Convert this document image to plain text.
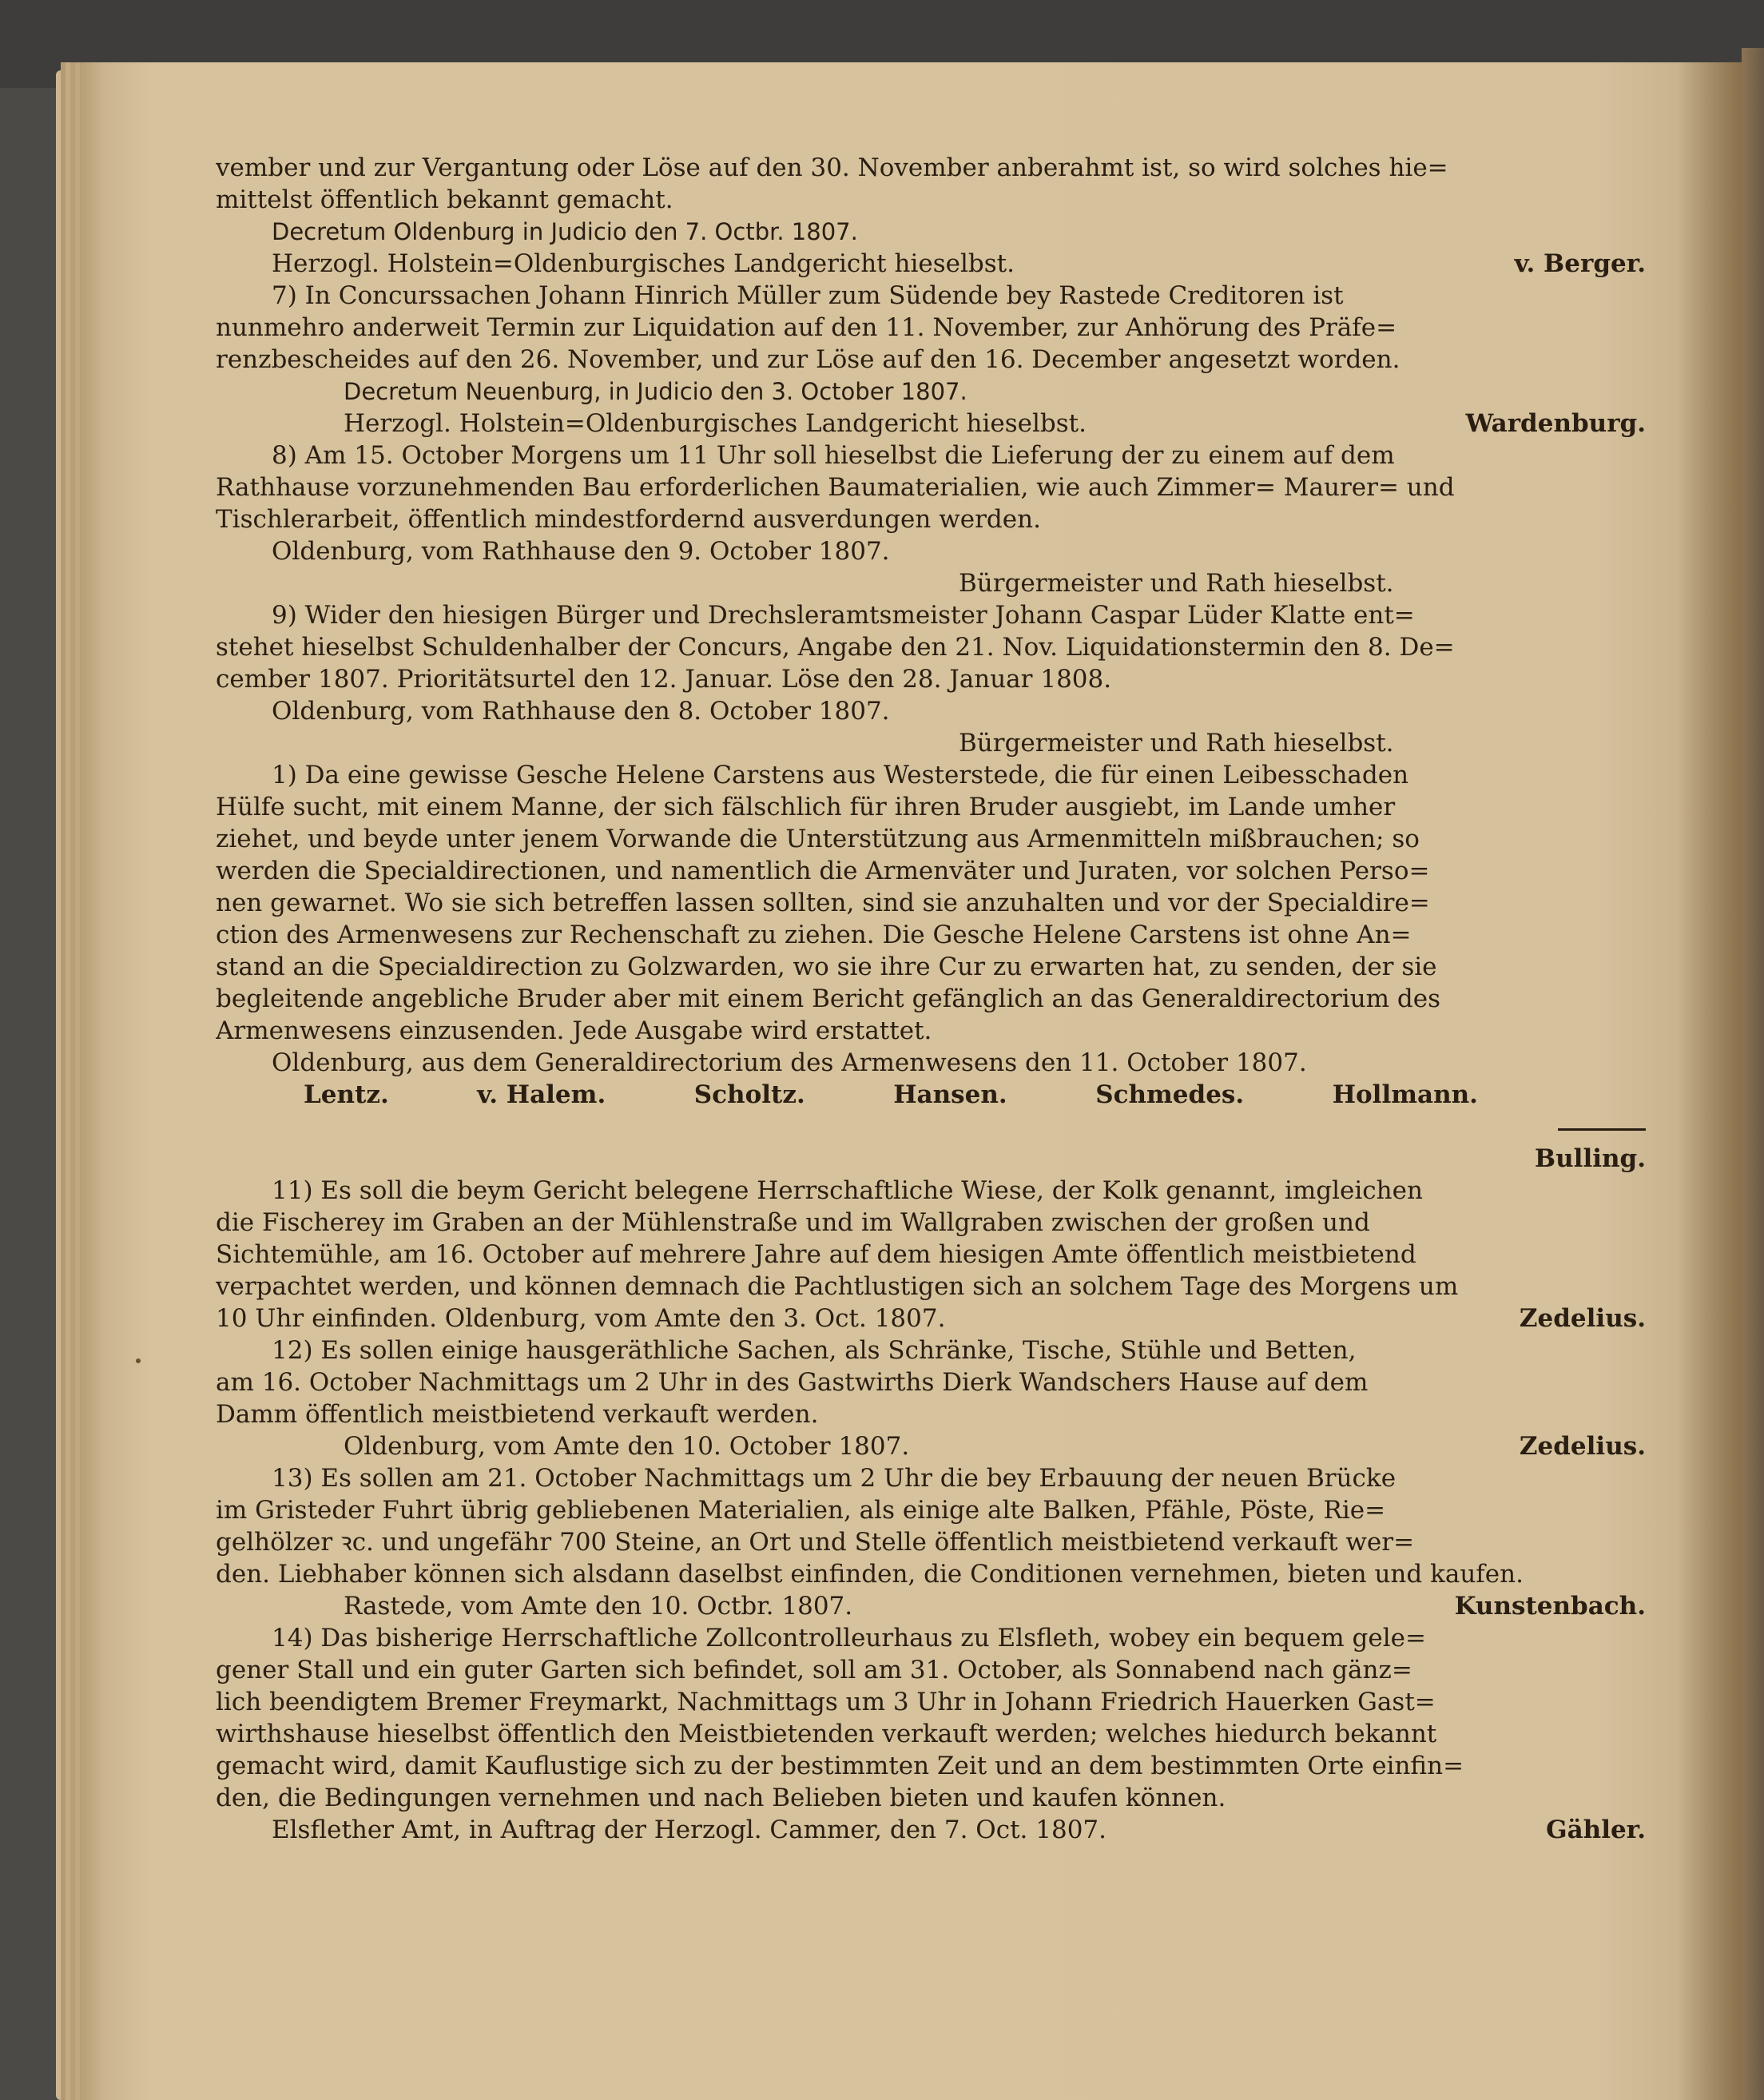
vember und zur Vergantung oder Löse auf den 30. November anberahmt ist, so wird solches hie=
mittelst öffentlich bekannt gemacht.
Decretum Oldenburg in Judicio den 7. Octbr. 1807.
Herzogl. Holstein=Oldenburgisches Landgericht hieselbst.	v. Berger.
7) In Concurssachen Johann Hinrich Müller zum Südende bey Rastede Creditoren ist
nunmehro anderweit Termin zur Liquidation auf den 11. November, zur Anhörung des Präfe=
renzbescheides auf den 26. November, und zur Löse auf den 16. December angesetzt worden.
Decretum Neuenburg, in Judicio den 3. October 1807.
Herzogl. Holstein=Oldenburgisches Landgericht hieselbst.	Wardenburg.
8) Am 15. October Morgens um 11 Uhr soll hieselbst die Lieferung der zu einem auf dem
Rathhause vorzunehmenden Bau erforderlichen Baumaterialien, wie auch Zimmer= Maurer= und
Tischlerarbeit, öffentlich mindestfordernd ausverdungen werden.
Oldenburg, vom Rathhause den 9. October 1807.
Bürgermeister und Rath hieselbst.
9) Wider den hiesigen Bürger und Drechsleramtsmeister Johann Caspar Lüder Klatte ent=
stehet hieselbst Schuldenhalber der Concurs, Angabe den 21. Nov. Liquidationstermin den 8. De=
cember 1807. Prioritätsurtel den 12. Januar. Löse den 28. Januar 1808.
Oldenburg, vom Rathhause den 8. October 1807.
Bürgermeister und Rath hieselbst.
1) Da eine gewisse Gesche Helene Carstens aus Westerstede, die für einen Leibesschaden
Hülfe sucht, mit einem Manne, der sich fälschlich für ihren Bruder ausgiebt, im Lande umher
ziehet, und beyde unter jenem Vorwande die Unterstützung aus Armenmitteln mißbrauchen; so
werden die Specialdirectionen, und namentlich die Armenväter und Juraten, vor solchen Perso=
nen gewarnet. Wo sie sich betreffen lassen sollten, sind sie anzuhalten und vor der Specialdire=
ction des Armenwesens zur Rechenschaft zu ziehen. Die Gesche Helene Carstens ist ohne An=
stand an die Specialdirection zu Golzwarden, wo sie ihre Cur zu erwarten hat, zu senden, der sie
begleitende angebliche Bruder aber mit einem Bericht gefänglich an das Generaldirectorium des
Armenwesens einzusenden. Jede Ausgabe wird erstattet.
Oldenburg, aus dem Generaldirectorium des Armenwesens den 11. October 1807.
Lentz.	v. Halem.	Scholtz.	Hansen.	Schmedes.	Hollmann.

Bulling.
11) Es soll die beym Gericht belegene Herrschaftliche Wiese, der Kolk genannt, imgleichen
die Fischerey im Graben an der Mühlenstraße und im Wallgraben zwischen der großen und
Sichtemühle, am 16. October auf mehrere Jahre auf dem hiesigen Amte öffentlich meistbietend
verpachtet werden, und können demnach die Pachtlustigen sich an solchem Tage des Morgens um
10 Uhr einfinden. Oldenburg, vom Amte den 3. Oct. 1807.	Zedelius.
12) Es sollen einige hausgeräthliche Sachen, als Schränke, Tische, Stühle und Betten,
am 16. October Nachmittags um 2 Uhr in des Gastwirths Dierk Wandschers Hause auf dem
Damm öffentlich meistbietend verkauft werden.
Oldenburg, vom Amte den 10. October 1807.	Zedelius.
13) Es sollen am 21. October Nachmittags um 2 Uhr die bey Erbauung der neuen Brücke
im Gristeder Fuhrt übrig gebliebenen Materialien, als einige alte Balken, Pfähle, Pöste, Rie=
gelhölzer ꝛc. und ungefähr 700 Steine, an Ort und Stelle öffentlich meistbietend verkauft wer=
den. Liebhaber können sich alsdann daselbst einfinden, die Conditionen vernehmen, bieten und kaufen.
Rastede, vom Amte den 10. Octbr. 1807.	Kunstenbach.
14) Das bisherige Herrschaftliche Zollcontrolleurhaus zu Elsfleth, wobey ein bequem gele=
gener Stall und ein guter Garten sich befindet, soll am 31. October, als Sonnabend nach gänz=
lich beendigtem Bremer Freymarkt, Nachmittags um 3 Uhr in Johann Friedrich Hauerken Gast=
wirthshause hieselbst öffentlich den Meistbietenden verkauft werden; welches hiedurch bekannt
gemacht wird, damit Kauflustige sich zu der bestimmten Zeit und an dem bestimmten Orte einfin=
den, die Bedingungen vernehmen und nach Belieben bieten und kaufen können.
Elsflether Amt, in Auftrag der Herzogl. Cammer, den 7. Oct. 1807.	Gähler.
